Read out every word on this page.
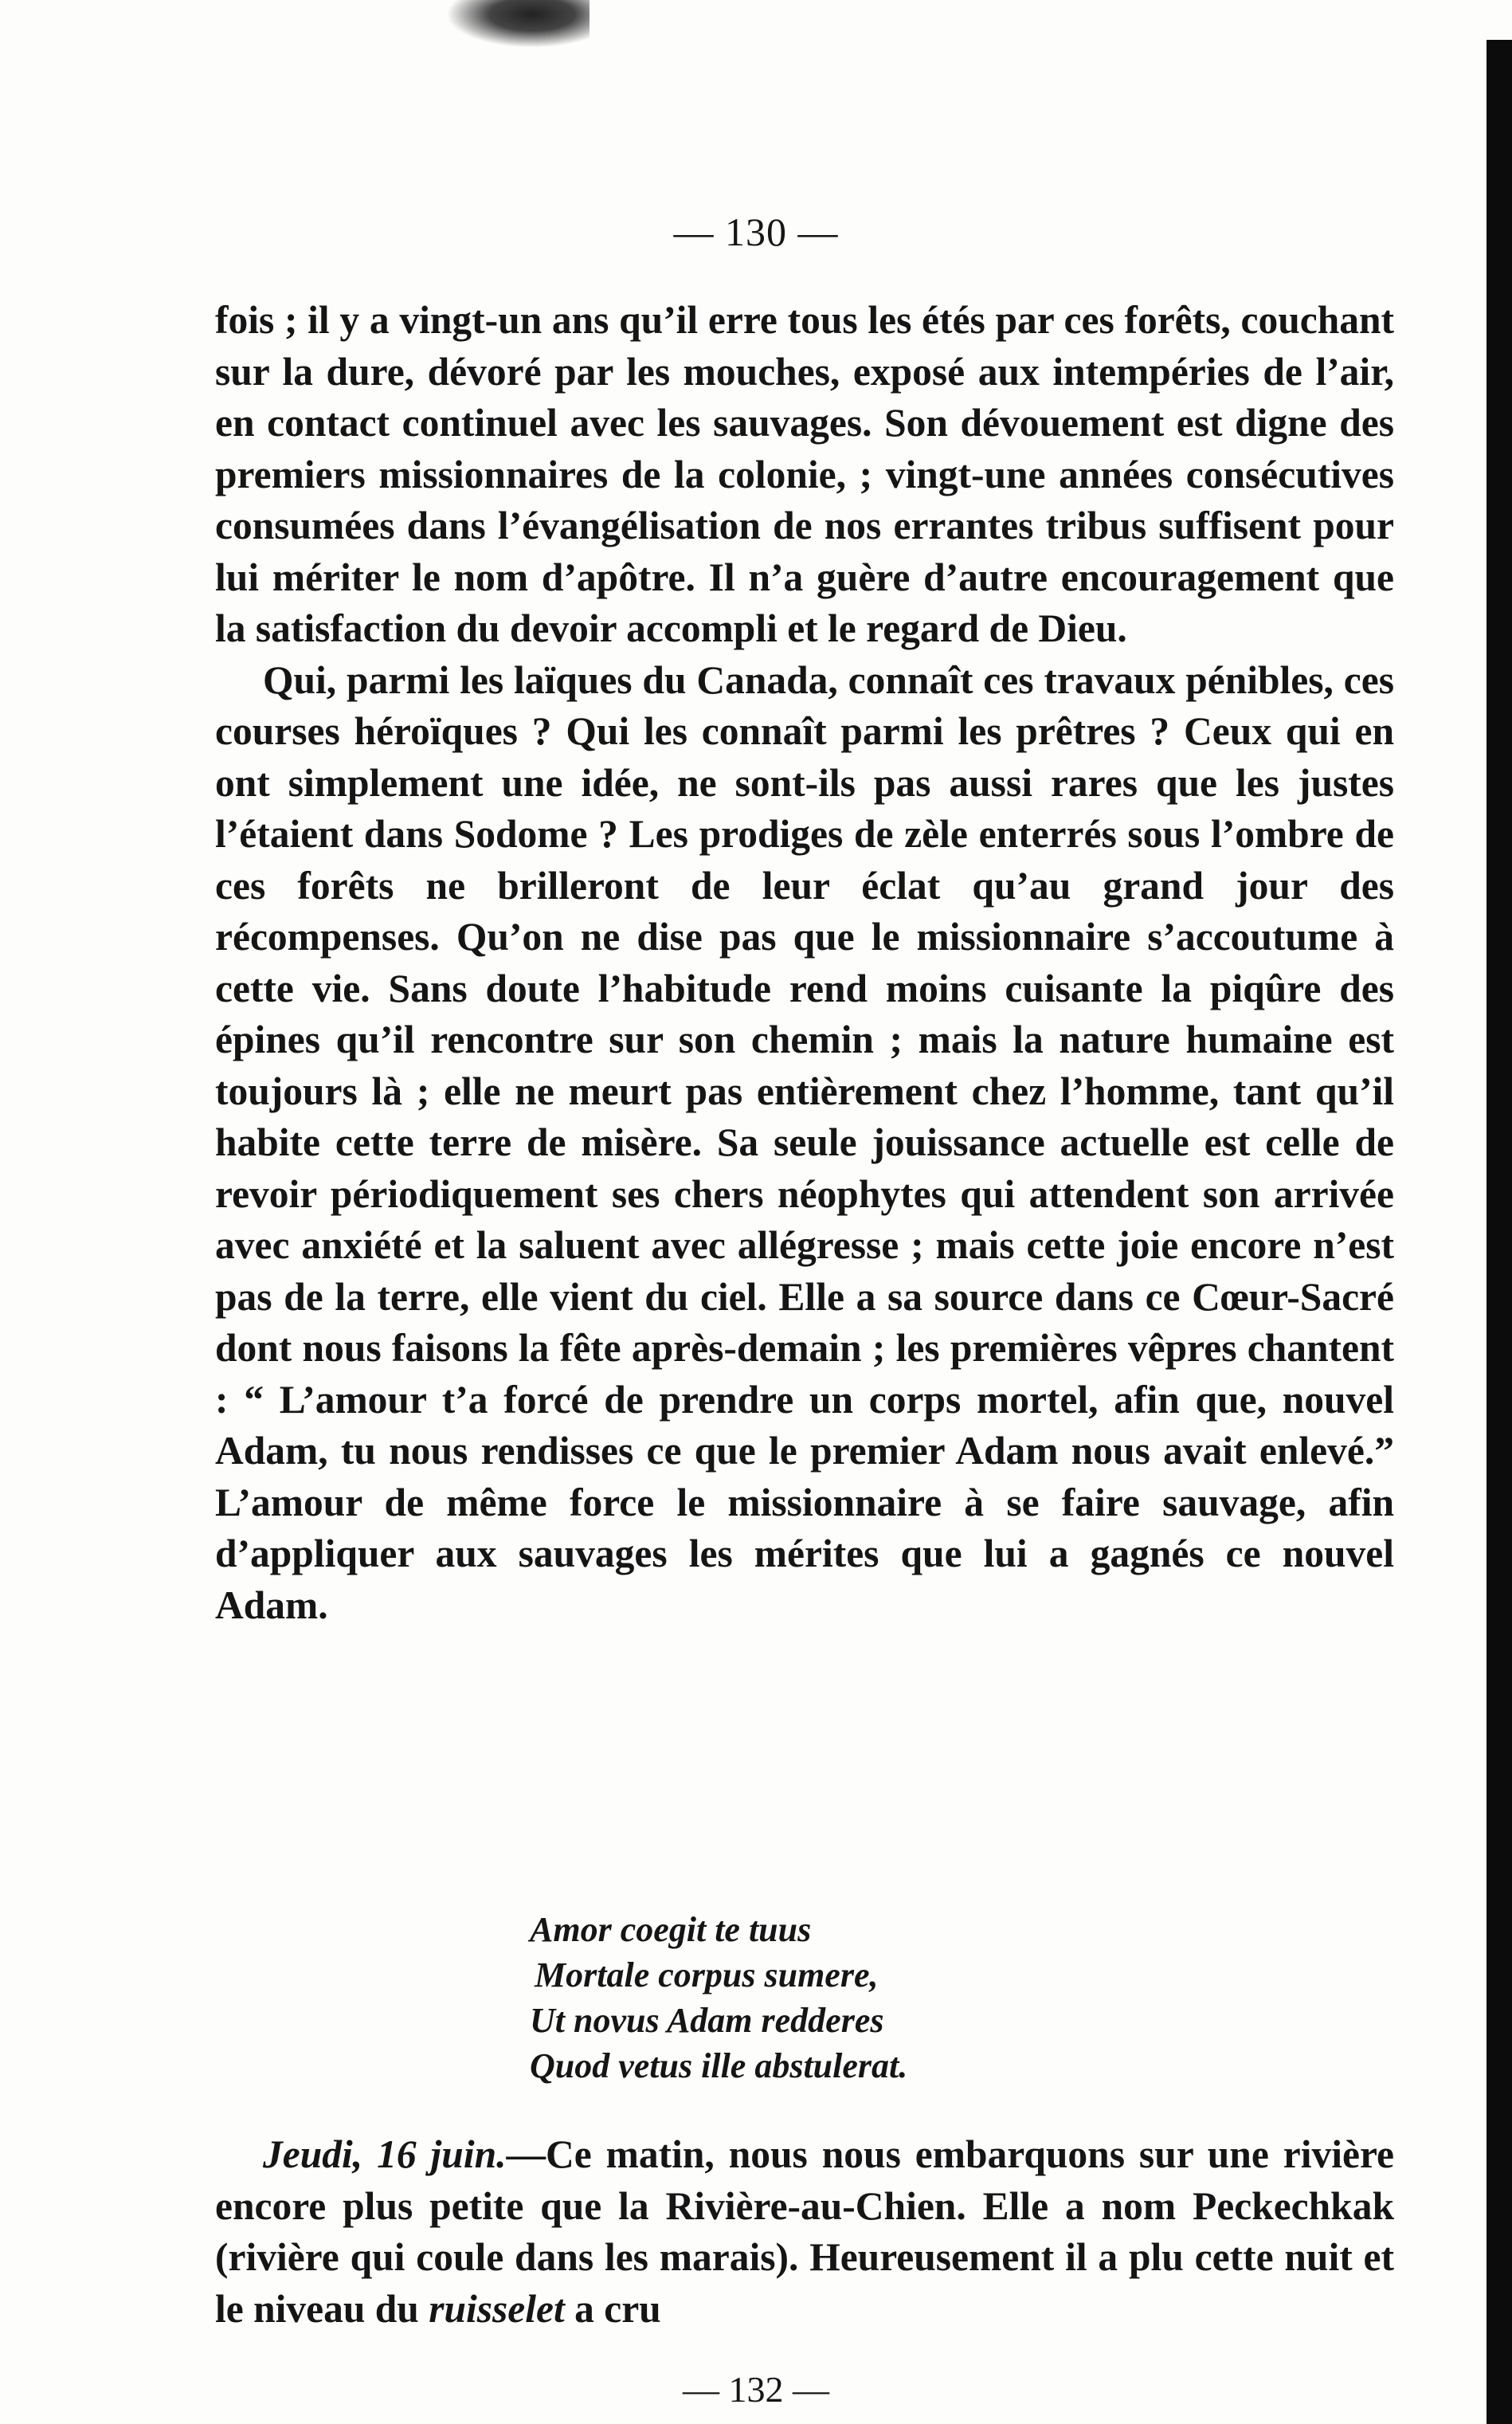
— 130 —

fois ; il y a vingt-un ans qu’il erre tous les étés par ces forêts, couchant sur la dure, dévoré par les mouches, exposé aux intempéries de l’air, en contact continuel avec les sauvages. Son dévouement est digne des premiers missionnaires de la colonie, ; vingt-une années consécutives consumées dans l’évangélisation de nos errantes tribus suffisent pour lui mériter le nom d’apôtre. Il n’a guère d’autre encouragement que la satisfaction du devoir accompli et le regard de Dieu.

Qui, parmi les laïques du Canada, connaît ces travaux pénibles, ces courses héroïques ? Qui les connaît parmi les prêtres ? Ceux qui en ont simplement une idée, ne sont-ils pas aussi rares que les justes l’étaient dans Sodome ? Les prodiges de zèle enterrés sous l’ombre de ces forêts ne brilleront de leur éclat qu’au grand jour des récompenses. Qu’on ne dise pas que le missionnaire s’accoutume à cette vie. Sans doute l’habitude rend moins cuisante la piqûre des épines qu’il rencontre sur son chemin ; mais la nature humaine est toujours là ; elle ne meurt pas entièrement chez l’homme, tant qu’il habite cette terre de misère. Sa seule jouissance actuelle est celle de revoir périodiquement ses chers néophytes qui attendent son arrivée avec anxiété et la saluent avec allégresse ; mais cette joie encore n’est pas de la terre, elle vient du ciel. Elle a sa source dans ce Cœur-Sacré dont nous faisons la fête après-demain ; les premières vêpres chantent : “ L’amour t’a forcé de prendre un corps mortel, afin que, nouvel Adam, tu nous rendisses ce que le premier Adam nous avait enlevé.” L’amour de même force le missionnaire à se faire sauvage, afin d’appliquer aux sauvages les mérites que lui a gagnés ce nouvel Adam.

Amor coegit te tuus
Mortale corpus sumere,
Ut novus Adam redderes
Quod vetus ille abstulerat.

Jeudi, 16 juin.—Ce matin, nous nous embarquons sur une rivière encore plus petite que la Rivière-au-Chien. Elle a nom Peckechkak (rivière qui coule dans les marais). Heureusement il a plu cette nuit et le niveau du ruisselet a cru

— 132 —
